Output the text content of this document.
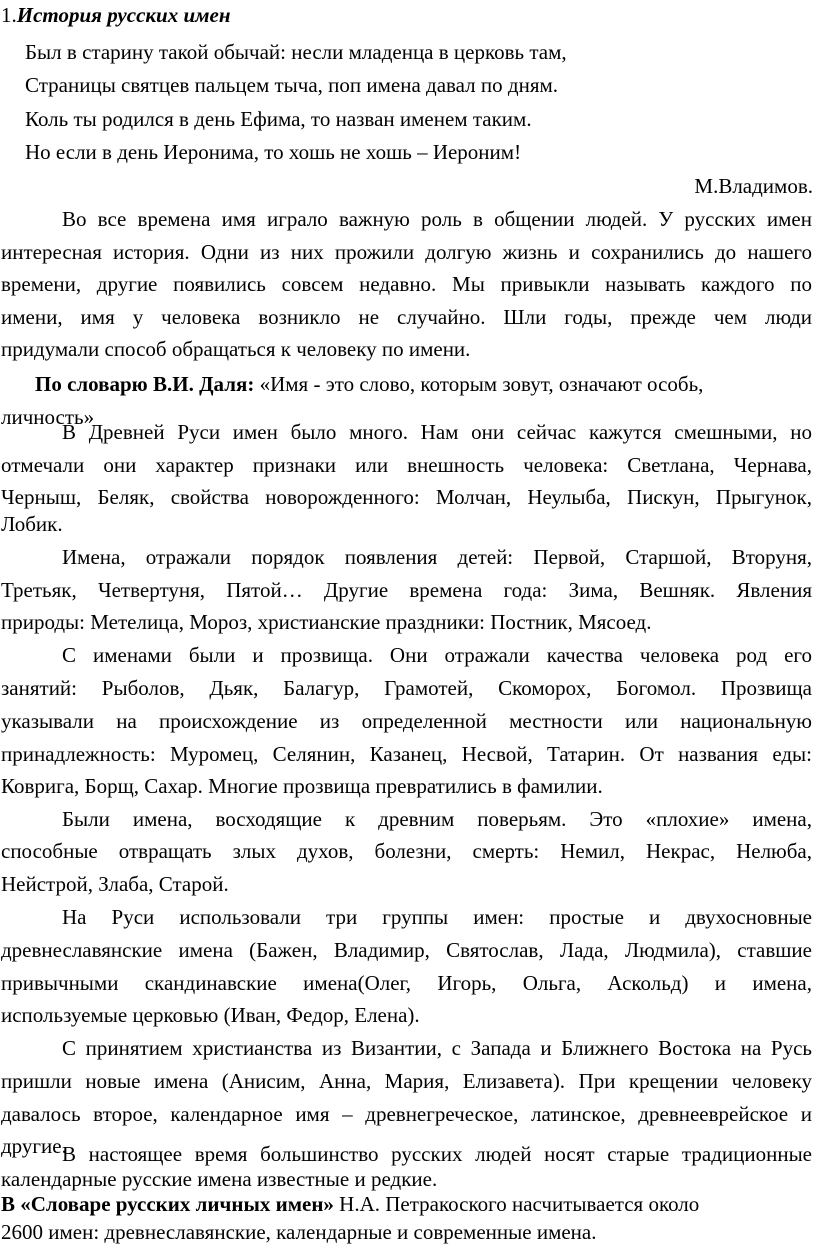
1.История русских имен
Был в старину такой обычай: несли младенца в церковь там,
Страницы святцев пальцем тыча, поп имена давал по дням.
Коль ты родился в день Ефима, то назван именем таким.
Но если в день Иеронима, то хошь не хошь – Иероним!
М.Владимов.
Во все времена имя играло важную роль в общении людей. У русских имен
интересная история. Одни из них прожили долгую жизнь и сохранились до нашего
времени, другие появились совсем недавно. Мы привыкли называть каждого по
имени, имя у человека возникло не случайно. Шли годы, прежде чем люди
придумали способ обращаться к человеку по имени.
По словарю В.И. Даля: «Имя - это слово, которым зовут, означают особь,
личность»
В Древней Руси имен было много. Нам они сейчас кажутся смешными, но
отмечали они характер признаки или внешность человека: Светлана, Чернава,
Черныш, Беляк, свойства новорожденного: Молчан, Неулыба, Пискун, Прыгунок,
Лобик.
Имена, отражали порядок появления детей: Первой, Старшой, Вторуня,
Третьяк, Четвертуня, Пятой… Другие времена года: Зима, Вешняк. Явления
природы: Метелица, Мороз, христианские праздники: Постник, Мясоед.
С именами были и прозвища. Они отражали качества человека род его
занятий: Рыболов, Дьяк, Балагур, Грамотей, Скоморох, Богомол. Прозвища
указывали на происхождение из определенной местности или национальную
принадлежность: Муромец, Селянин, Казанец, Несвой, Татарин. От названия еды:
Коврига, Борщ, Сахар. Многие прозвища превратились в фамилии.
Были имена, восходящие к древним поверьям. Это «плохие» имена,
способные отвращать злых духов, болезни, смерть: Немил, Некрас, Нелюба,
Нейстрой, Злаба, Старой.
На Руси использовали три группы имен: простые и двухосновные
древнеславянские имена (Бажен, Владимир, Святослав, Лада, Людмила), ставшие
привычными скандинавские имена(Олег, Игорь, Ольга, Аскольд) и имена,
используемые церковью (Иван, Федор, Елена).
С принятием христианства из Византии, с Запада и Ближнего Востока на Русь
пришли новые имена (Анисим, Анна, Мария, Елизавета). При крещении человеку
давалось второе, календарное имя – древнегреческое, латинское, древнееврейское и
другие.
В настоящее время большинство русских людей носят старые традиционные
календарные русские имена известные и редкие.
В «Словаре русских личных имен» Н.А. Петракоского насчитывается около
2600 имен: древнеславянские, календарные и современные имена.
